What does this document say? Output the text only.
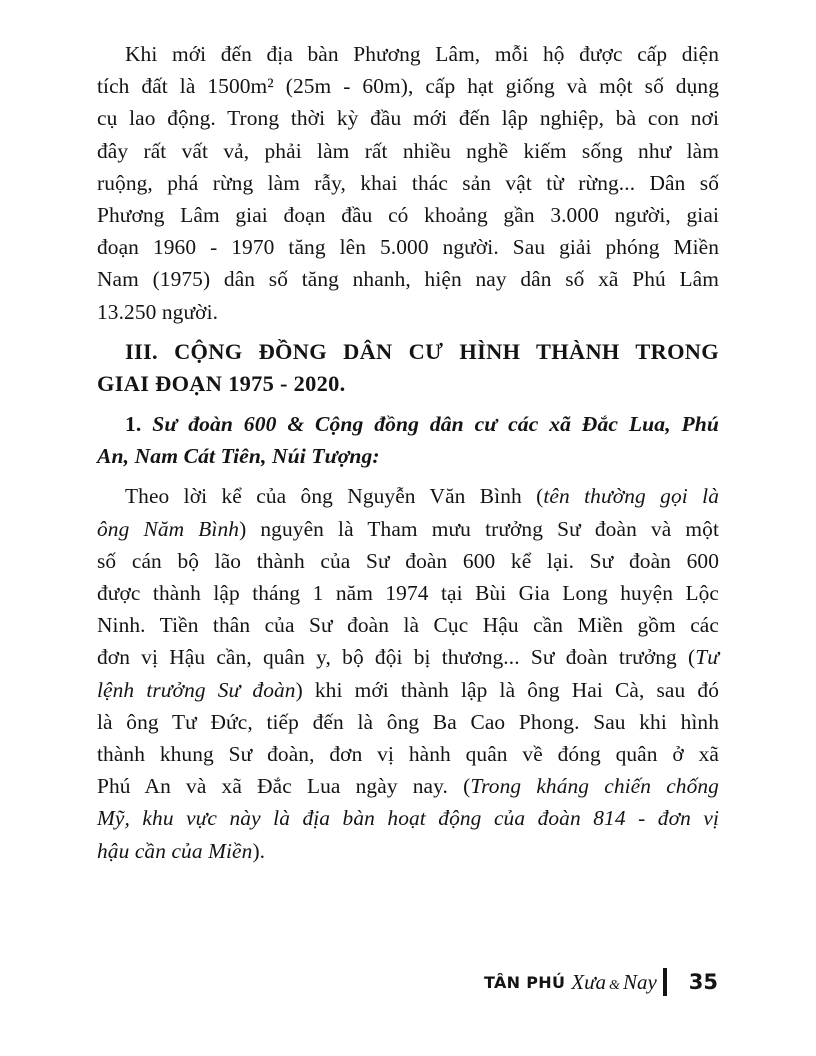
Khi mới đến địa bàn Phương Lâm, mỗi hộ được cấp diện
tích đất là 1500m² (25m - 60m), cấp hạt giống và một số dụng
cụ lao động. Trong thời kỳ đầu mới đến lập nghiệp, bà con nơi
đây rất vất vả, phải làm rất nhiều nghề kiếm sống như làm
ruộng, phá rừng làm rẫy, khai thác sản vật từ rừng... Dân số
Phương Lâm giai đoạn đầu có khoảng gần 3.000 người, giai
đoạn 1960 - 1970 tăng lên 5.000 người. Sau giải phóng Miền
Nam (1975) dân số tăng nhanh, hiện nay dân số xã Phú Lâm
13.250 người.
III. CỘNG ĐỒNG DÂN CƯ HÌNH THÀNH TRONG
GIAI ĐOẠN 1975 - 2020.
1. Sư đoàn 600 & Cộng đồng dân cư các xã Đắc Lua, Phú
An, Nam Cát Tiên, Núi Tượng:
Theo lời kể của ông Nguyễn Văn Bình (tên thường gọi là
ông Năm Bình) nguyên là Tham mưu trưởng Sư đoàn và một
số cán bộ lão thành của Sư đoàn 600 kể lại. Sư đoàn 600
được thành lập tháng 1 năm 1974 tại Bùi Gia Long huyện Lộc
Ninh. Tiền thân của Sư đoàn là Cục Hậu cần Miền gồm các
đơn vị Hậu cần, quân y, bộ đội bị thương... Sư đoàn trưởng (Tư
lệnh trưởng Sư đoàn) khi mới thành lập là ông Hai Cà, sau đó
là ông Tư Đức, tiếp đến là ông Ba Cao Phong. Sau khi hình
thành khung Sư đoàn, đơn vị hành quân về đóng quân ở xã
Phú An và xã Đắc Lua ngày nay. (Trong kháng chiến chống
Mỹ, khu vực này là địa bàn hoạt động của đoàn 814 - đơn vị
hậu cần của Miền).
TÂN PHÚ Xưa & Nay 35
